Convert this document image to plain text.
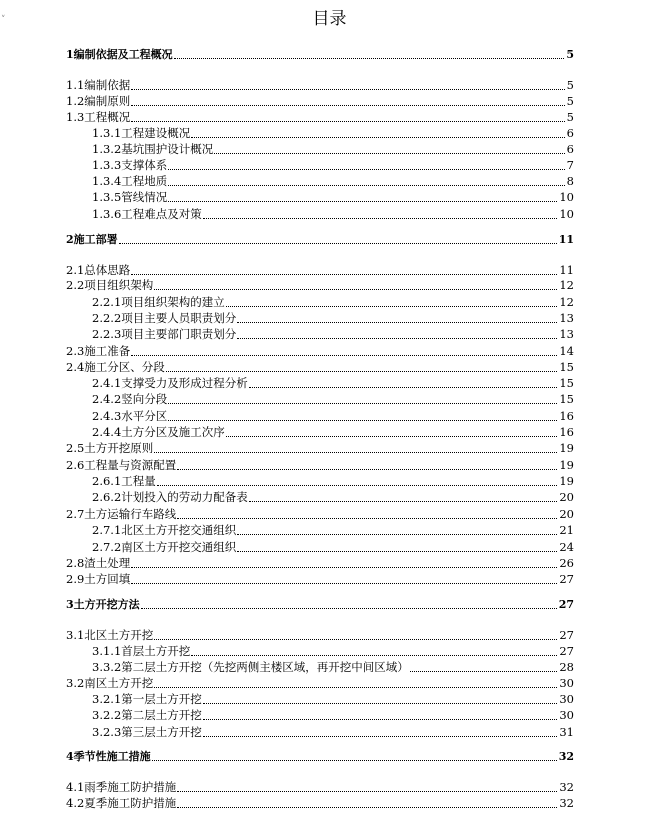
˅	目录
1 编制依据及工程概况	5
1.1 编制依据	5
1.2 编制原则	5
1.3 工程概况	5
1.3.1 工程建设概况	6
1.3.2 基坑围护设计概况	6
1.3.3 支撑体系	7
1.3.4 工程地质	8
1.3.5 管线情况	10
1.3.6 工程难点及对策	10
2 施工部署	11
2.1 总体思路	11
2.2 项目组织架构	12
2.2.1 项目组织架构的建立	12
2.2.2 项目主要人员职责划分	13
2.2.3 项目主要部门职责划分	13
2.3 施工准备	14
2.4 施工分区、分段	15
2.4.1 支撑受力及形成过程分析	15
2.4.2 竖向分段	15
2.4.3 水平分区	16
2.4.4 土方分区及施工次序	16
2.5 土方开挖原则	19
2.6 工程量与资源配置	19
2.6.1 工程量	19
2.6.2 计划投入的劳动力配备表	20
2.7 土方运输行车路线	20
2.7.1 北区土方开挖交通组织	21
2.7.2 南区土方开挖交通组织	24
2.8 渣土处理	26
2.9 土方回填	27
3 土方开挖方法	27
3.1 北区土方开挖	27
3.1.1 首层土方开挖	27
3.3.2 第二层土方开挖（先挖两侧主楼区域，再开挖中间区域）	28
3.2 南区土方开挖	30
3.2.1 第一层土方开挖	30
3.2.2 第二层土方开挖	30
3.2.3 第三层土方开挖	31
4 季节性施工措施	32
4.1 雨季施工防护措施	32
4.2 夏季施工防护措施	32
